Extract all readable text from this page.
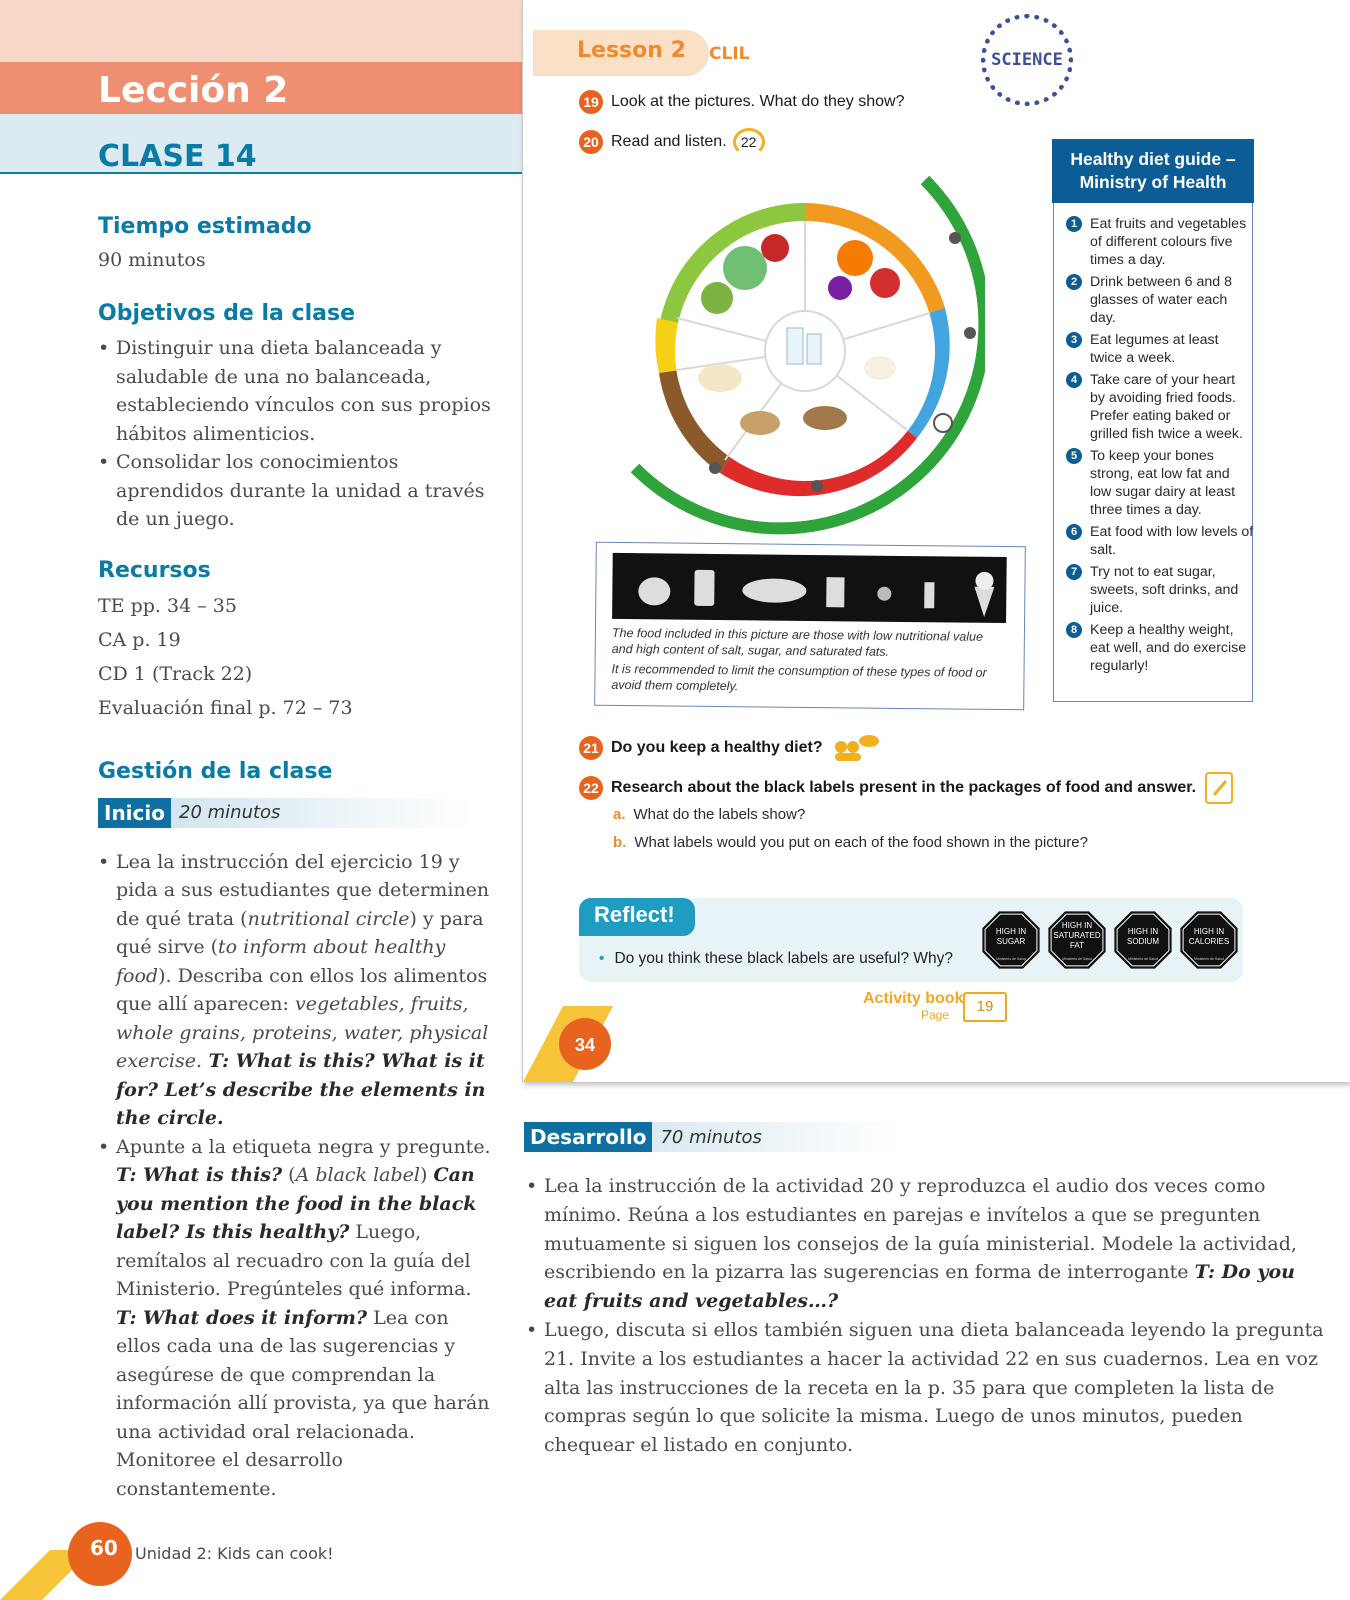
Lección 2
CLASE 14
Tiempo estimado
90 minutos
Objetivos de la clase
• Distinguir una dieta balanceada y saludable de una no balanceada, estableciendo vínculos con sus propios hábitos alimenticios.
• Consolidar los conocimientos aprendidos durante la unidad a través de un juego.
Recursos
TE pp. 34 – 35
CA p. 19
CD 1 (Track 22)
Evaluación final p. 72 – 73
Gestión de la clase
Inicio 20 minutos
• Lea la instrucción del ejercicio 19 y pida a sus estudiantes que determinen de qué trata (nutritional circle) y para qué sirve (to inform about healthy food). Describa con ellos los alimentos que allí aparecen: vegetables, fruits, whole grains, proteins, water, physical exercise. T: What is this? What is it for? Let’s describe the elements in the circle.
• Apunte a la etiqueta negra y pregunte. T: What is this? (A black label) Can you mention the food in the black label? Is this healthy? Luego, remítalos al recuadro con la guía del Ministerio. Pregúnteles qué informa. T: What does it inform? Lea con ellos cada una de las sugerencias y asegúrese de que comprendan la información allí provista, ya que harán una actividad oral relacionada. Monitoree el desarrollo constantemente.
Lesson 2 CLIL	SCIENCE
19 Look at the pictures. What do they show?
20 Read and listen. 22
Healthy diet guide – Ministry of Health
1 Eat fruits and vegetables of different colours five times a day.
2 Drink between 6 and 8 glasses of water each day.
3 Eat legumes at least twice a week.
4 Take care of your heart by avoiding fried foods. Prefer eating baked or grilled fish twice a week.
5 To keep your bones strong, eat low fat and low sugar dairy at least three times a day.
6 Eat food with low levels of salt.
7 Try not to eat sugar, sweets, soft drinks, and juice.
8 Keep a healthy weight, eat well, and do exercise regularly!
The food included in this picture are those with low nutritional value and high content of salt, sugar, and saturated fats.
It is recommended to limit the consumption of these types of food or avoid them completely.
21 Do you keep a healthy diet?
22 Research about the black labels present in the packages of food and answer.
a. What do the labels show?
b. What labels would you put on each of the food shown in the picture?
Reflect!
• Do you think these black labels are useful? Why?
HIGH IN
SUGAR
Ministerio de Salud
HIGH IN
SATURATED
FAT
Ministerio de Salud
HIGH IN
SODIUM
Ministerio de Salud
HIGH IN
CALORIES
Ministerio de Salud
Activity book
Page	19
34
Desarrollo 70 minutos
• Lea la instrucción de la actividad 20 y reproduzca el audio dos veces como mínimo. Reúna a los estudiantes en parejas e invítelos a que se pregunten mutuamente si siguen los consejos de la guía ministerial. Modele la actividad, escribiendo en la pizarra las sugerencias en forma de interrogante T: Do you eat fruits and vegetables…?
• Luego, discuta si ellos también siguen una dieta balanceada leyendo la pregunta 21. Invite a los estudiantes a hacer la actividad 22 en sus cuadernos. Lea en voz alta las instrucciones de la receta en la p. 35 para que completen la lista de compras según lo que solicite la misma. Luego de unos minutos, pueden chequear el listado en conjunto.
60 Unidad 2: Kids can cook!
